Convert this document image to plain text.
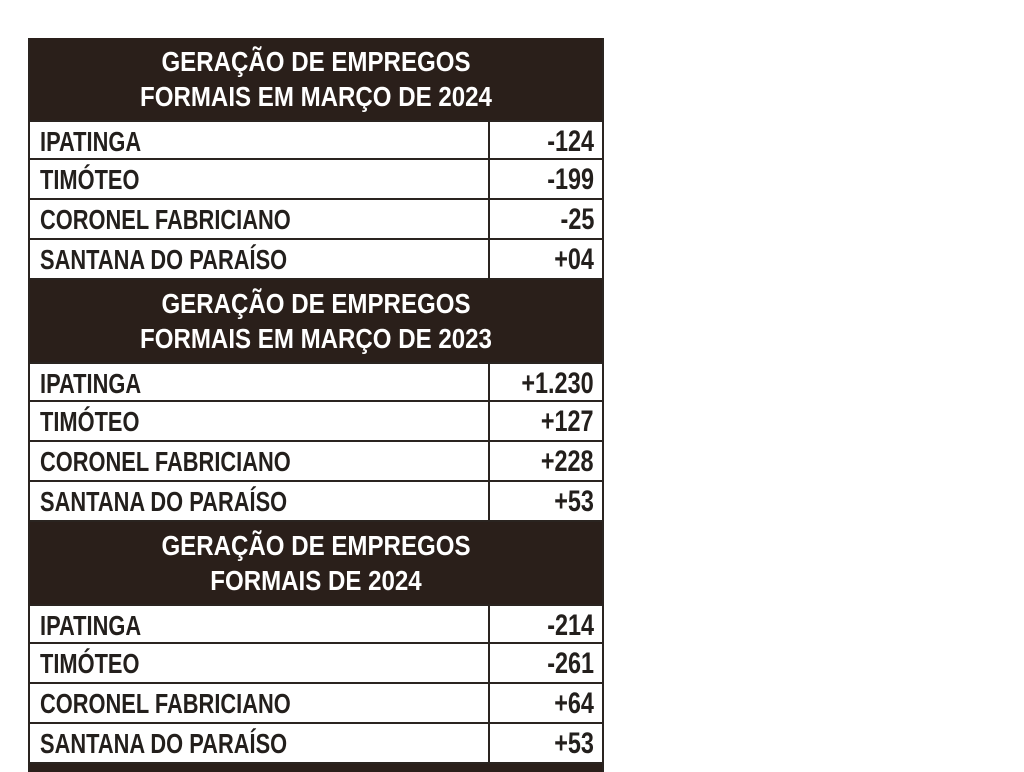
GERAÇÃO DE EMPREGOS
FORMAIS EM MARÇO DE 2024
IPATINGA	-124
TIMÓTEO	-199
CORONEL FABRICIANO	-25
SANTANA DO PARAÍSO	+04
GERAÇÃO DE EMPREGOS
FORMAIS EM MARÇO DE 2023
IPATINGA	+1.230
TIMÓTEO	+127
CORONEL FABRICIANO	+228
SANTANA DO PARAÍSO	+53
GERAÇÃO DE EMPREGOS
FORMAIS DE 2024
IPATINGA	-214
TIMÓTEO	-261
CORONEL FABRICIANO	+64
SANTANA DO PARAÍSO	+53
